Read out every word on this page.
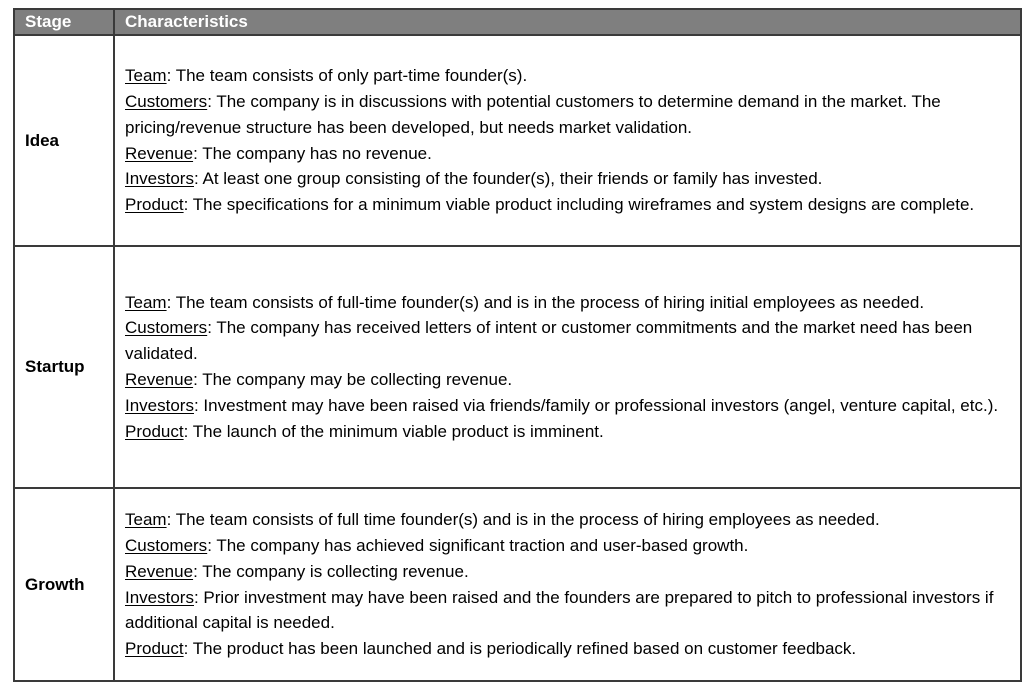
Stage	Characteristics
Idea	Team: The team consists of only part-time founder(s).
Customers: The company is in discussions with potential customers to determine demand in the market. The pricing/revenue structure has been developed, but needs market validation.
Revenue: The company has no revenue.
Investors: At least one group consisting of the founder(s), their friends or family has invested.
Product: The specifications for a minimum viable product including wireframes and system designs are complete.

Startup	Team: The team consists of full-time founder(s) and is in the process of hiring initial employees as needed.
Customers: The company has received letters of intent or customer commitments and the market need has been validated.
Revenue: The company may be collecting revenue.
Investors: Investment may have been raised via friends/family or professional investors (angel, venture capital, etc.).
Product: The launch of the minimum viable product is imminent.

Growth	Team: The team consists of full time founder(s) and is in the process of hiring employees as needed.
Customers: The company has achieved significant traction and user-based growth.
Revenue: The company is collecting revenue.
Investors: Prior investment may have been raised and the founders are prepared to pitch to professional investors if additional capital is needed.
Product: The product has been launched and is periodically refined based on customer feedback.
